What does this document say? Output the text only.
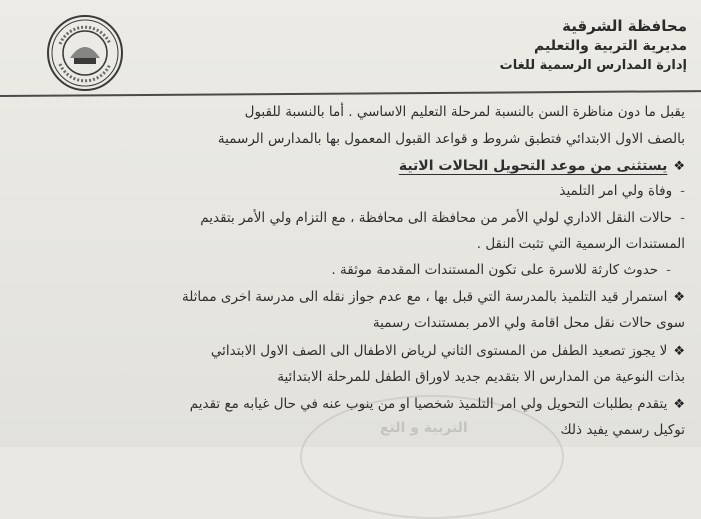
محافظة الشرقية
مديرية التربية والتعليم
إدارة المدارس الرسمية للغات
التربية و التع
يقبل ما دون مناظرة السن بالنسبة لمرحلة التعليم الاساسي . أما بالنسبة للقبول
بالصف الاول الابتدائي فتطبق شروط و قواعد القبول المعمول بها بالمدارس الرسمية
❖يستثنى من موعد التحويل الحالات الاتية
-وفاة ولي امر التلميذ
-حالات النقل الاداري لولي الأمر من محافظة الى محافظة ، مع التزام ولي الأمر بتقديم
المستندات الرسمية التي تثبت النقل .
-حدوث كارثة للاسرة على تكون المستندات المقدمة موثقة .
❖استمرار قيد التلميذ بالمدرسة التي قبل بها ، مع عدم جواز نقله الى مدرسة اخرى مماثلة
سوى حالات نقل محل اقامة ولي الامر بمستندات رسمية
❖لا يجوز تصعيد الطفل من المستوى الثاني لرياض الاطفال الى الصف الاول الابتدائي
بذات النوعية من المدارس الا بتقديم جديد لاوراق الطفل للمرحلة الابتدائية
❖يتقدم بطلبات التحويل ولي امر التلميذ شخصيا او من ينوب عنه في حال غيابه مع تقديم
توكيل رسمي يفيد ذلك
